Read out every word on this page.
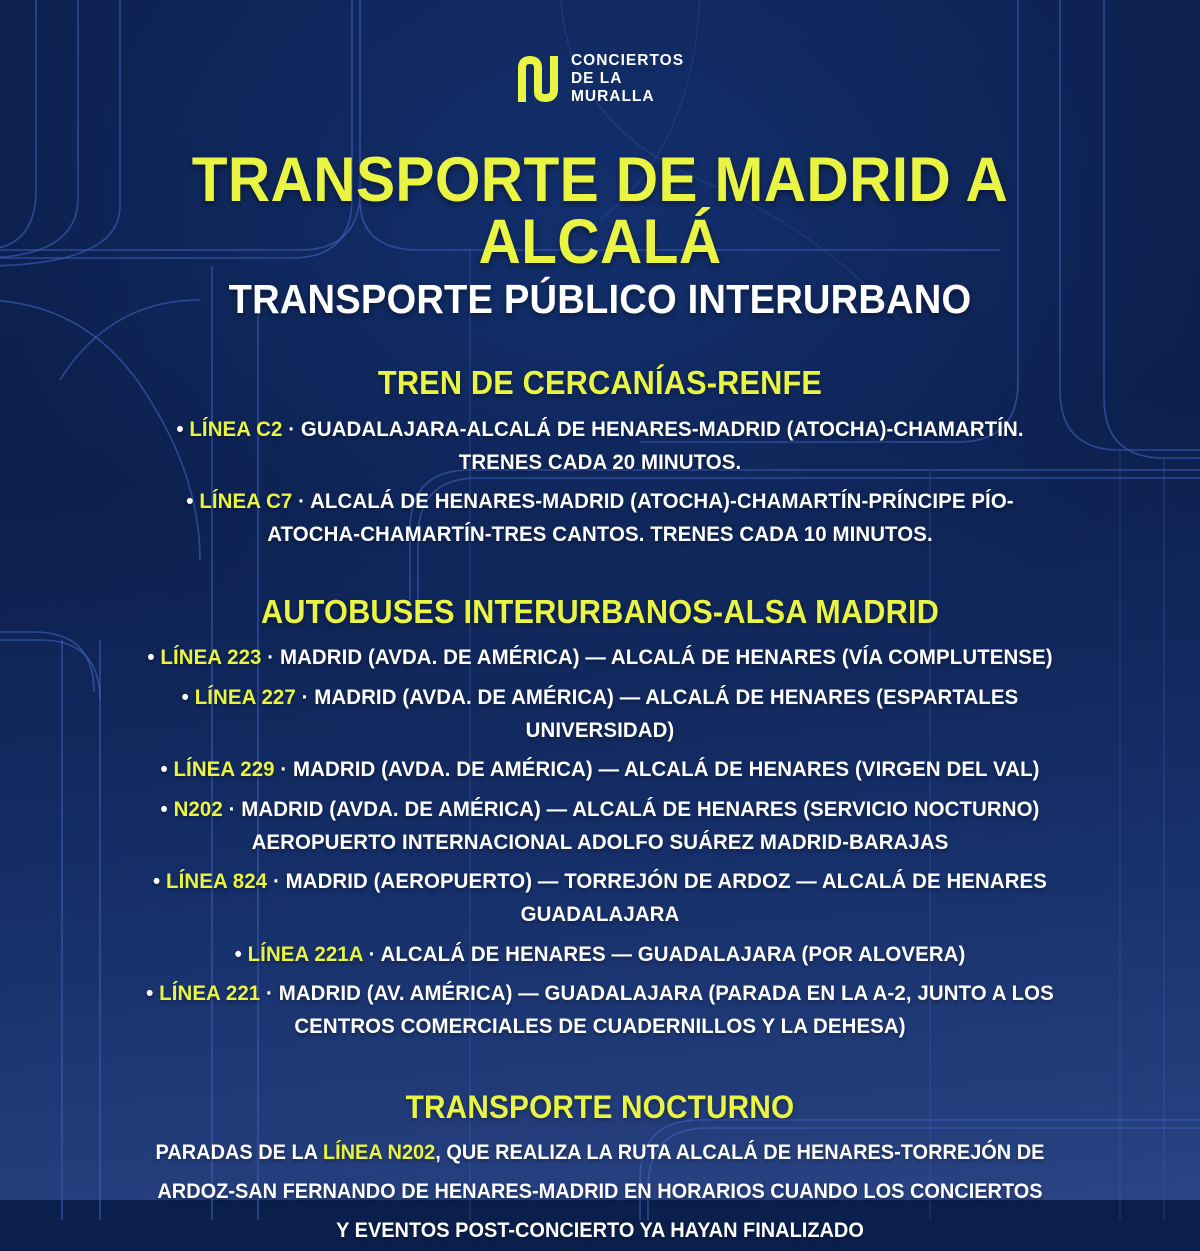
CONCIERTOS
DE LA
MURALLA
TRANSPORTE DE MADRID A ALCALÁ
TRANSPORTE PÚBLICO INTERURBANO
TREN DE CERCANÍAS-RENFE

• LÍNEA C2 · GUADALAJARA-ALCALÁ DE HENARES-MADRID (ATOCHA)-CHAMARTÍN. TRENES CADA 20 MINUTOS.

• LÍNEA C7 · ALCALÁ DE HENARES-MADRID (ATOCHA)-CHAMARTÍN-PRÍNCIPE PÍO-ATOCHA-CHAMARTÍN-TRES CANTOS. TRENES CADA 10 MINUTOS.

AUTOBUSES INTERURBANOS-ALSA MADRID

• LÍNEA 223 · MADRID (AVDA. DE AMÉRICA) — ALCALÁ DE HENARES (VÍA COMPLUTENSE)

• LÍNEA 227 · MADRID (AVDA. DE AMÉRICA) — ALCALÁ DE HENARES (ESPARTALES UNIVERSIDAD)

• LÍNEA 229 · MADRID (AVDA. DE AMÉRICA) — ALCALÁ DE HENARES (VIRGEN DEL VAL)

• N202 · MADRID (AVDA. DE AMÉRICA) — ALCALÁ DE HENARES (SERVICIO NOCTURNO) AEROPUERTO INTERNACIONAL ADOLFO SUÁREZ MADRID-BARAJAS

• LÍNEA 824 · MADRID (AEROPUERTO) — TORREJÓN DE ARDOZ — ALCALÁ DE HENARES GUADALAJARA

• LÍNEA 221A · ALCALÁ DE HENARES — GUADALAJARA (POR ALOVERA)

• LÍNEA 221 · MADRID (AV. AMÉRICA) — GUADALAJARA (PARADA EN LA A-2, JUNTO A LOS CENTROS COMERCIALES DE CUADERNILLOS Y LA DEHESA)

TRANSPORTE NOCTURNO

PARADAS DE LA LÍNEA N202, QUE REALIZA LA RUTA ALCALÁ DE HENARES-TORREJÓN DE ARDOZ-SAN FERNANDO DE HENARES-MADRID EN HORARIOS CUANDO LOS CONCIERTOS Y EVENTOS POST-CONCIERTO YA HAYAN FINALIZADO
